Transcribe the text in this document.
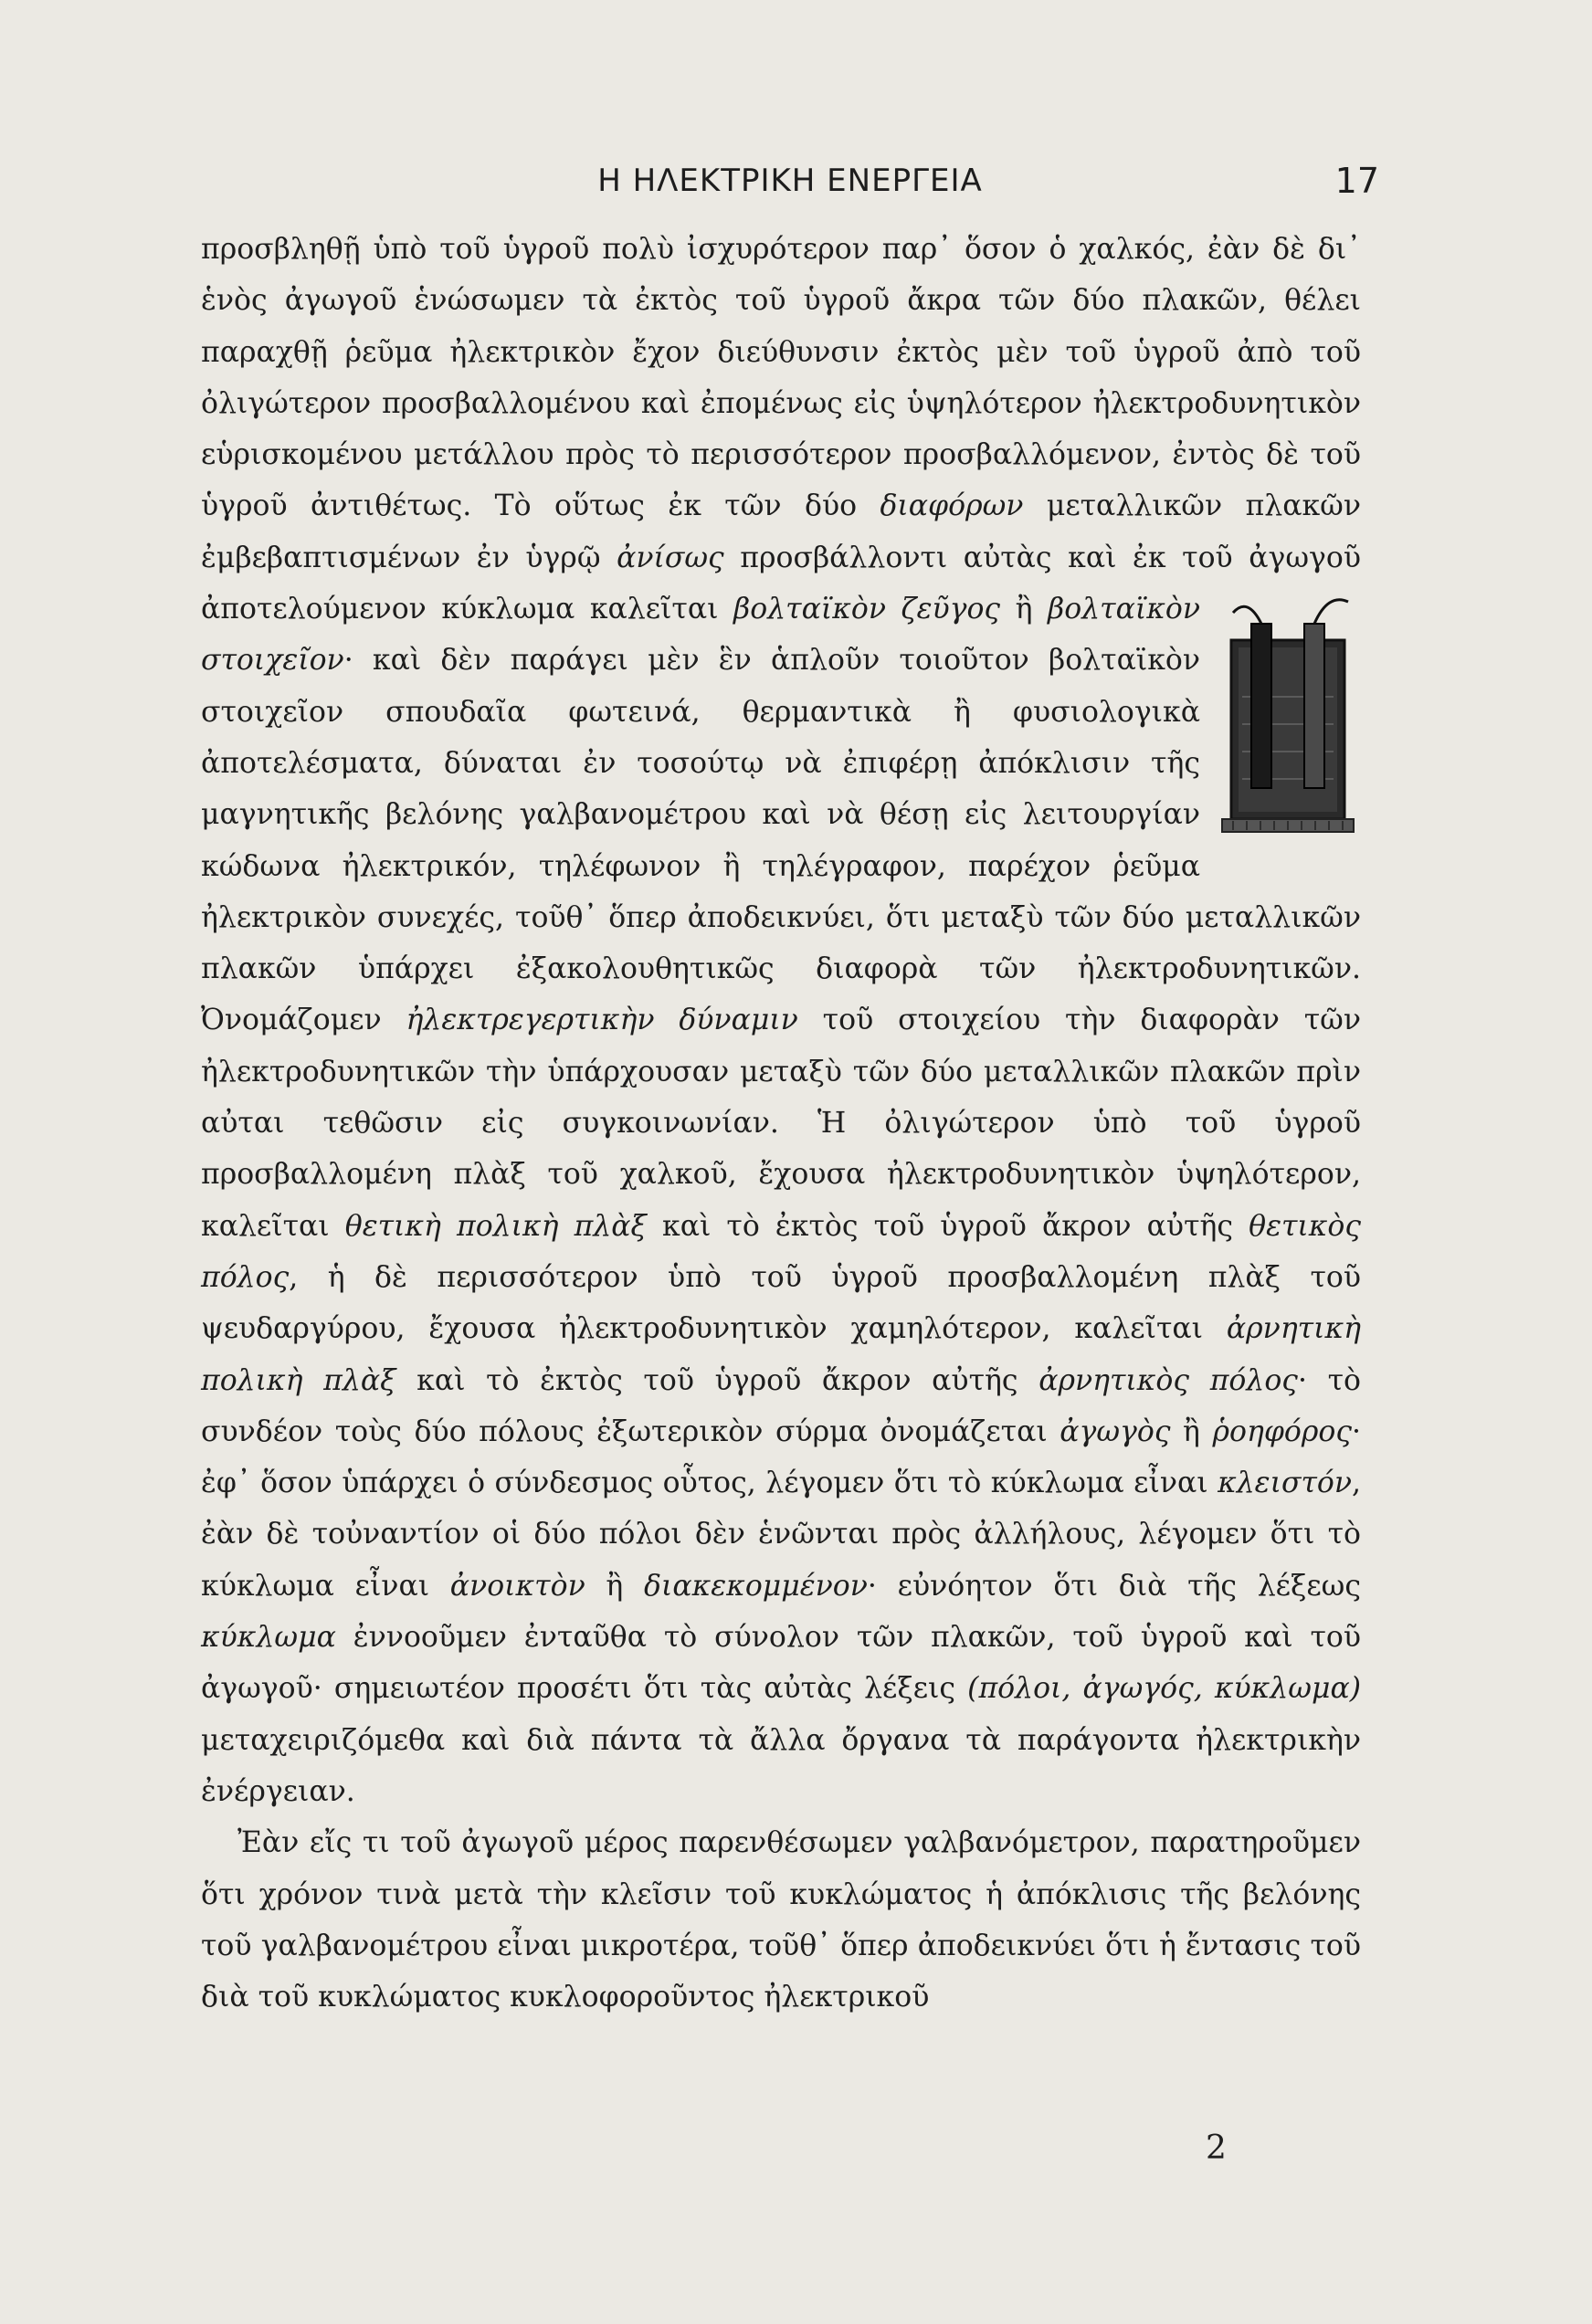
Η ΗΛΕΚΤΡΙΚΗ ΕΝΕΡΓΕΙΑ	17

προσβληθῇ ὑπὸ τοῦ ὑγροῦ πολὺ ἰσχυρότερον παρ᾽ ὅσον ὁ χαλκός, ἐὰν δὲ δι᾽ ἑνὸς ἀγωγοῦ ἑνώσωμεν τὰ ἐκτὸς τοῦ ὑγροῦ ἄκρα τῶν δύο πλακῶν, θέλει παραχθῇ ῥεῦμα ἠλεκτρικὸν ἔχον διεύθυνσιν ἐκτὸς μὲν τοῦ ὑγροῦ ἀπὸ τοῦ ὀλιγώτερον προσβαλλομένου καὶ ἐπομένως εἰς ὑψηλότερον ἠλεκτροδυνητικὸν εὑρισκομένου μετάλλου πρὸς τὸ περισσότερον προσβαλλόμενον, ἐντὸς δὲ τοῦ ὑγροῦ ἀντιθέτως. Τὸ οὕτως ἐκ τῶν δύο διαφόρων μεταλλικῶν πλακῶν ἐμβεβαπτισμένων ἐν ὑγρῷ ἀνίσως προσβάλλοντι αὐτὰς καὶ ἐκ τοῦ ἀγωγοῦ ἀποτελούμενον κύκλωμα καλεῖται
βολταϊκὸν ζεῦγος ἢ βολταϊκὸν στοιχεῖον· καὶ δὲν παράγει μὲν ἓν ἁπλοῦν τοιοῦτον βολταϊκὸν στοιχεῖον σπουδαῖα φωτεινά, θερμαντικὰ ἢ φυσιολογικὰ ἀποτελέσματα, δύναται ἐν τοσούτῳ νὰ ἐπιφέρῃ ἀπόκλισιν τῆς μαγνητικῆς βελόνης γαλβανομέτρου καὶ νὰ θέσῃ εἰς λειτουργίαν κώδωνα ἠλεκτρικόν, τηλέφωνον ἢ τηλέγραφον, παρέχον ῥεῦμα ἠλεκτρικὸν συνεχές, τοῦθ᾽ ὅπερ ἀποδεικνύει, ὅτι μεταξὺ τῶν δύο μεταλλικῶν πλακῶν ὑπάρχει ἐξακολουθητικῶς διαφορὰ τῶν ἠλεκτροδυνητικῶν. Ὀνομάζομεν ἠλεκτρεγερτικὴν δύναμιν τοῦ στοιχείου τὴν διαφορὰν τῶν ἠλεκτροδυνητικῶν τὴν ὑπάρχουσαν μεταξὺ τῶν δύο μεταλλικῶν πλακῶν πρὶν αὐται τεθῶσιν εἰς συγκοινωνίαν. Ἡ ὀλιγώτερον ὑπὸ τοῦ ὑγροῦ προσβαλλομένη πλὰξ τοῦ χαλκοῦ, ἔχουσα ἠλεκτροδυνητικὸν ὑψηλότερον, καλεῖται θετικὴ πολικὴ πλὰξ καὶ τὸ ἐκτὸς τοῦ ὑγροῦ ἄκρον αὐτῆς θετικὸς πόλος, ἡ δὲ περισσότερον ὑπὸ τοῦ ὑγροῦ προσβαλλομένη πλὰξ τοῦ ψευδαργύρου, ἔχουσα ἠλεκτροδυνητικὸν χαμηλότερον, καλεῖται ἀρνητικὴ πολικὴ πλὰξ καὶ τὸ ἐκτὸς τοῦ ὑγροῦ ἄκρον αὐτῆς ἀρνητικὸς πόλος· τὸ συνδέον τοὺς δύο πόλους ἐξωτερικὸν σύρμα ὀνομάζεται ἀγωγὸς ἢ ῥοηφόρος· ἐφ᾽ ὅσον ὑπάρχει ὁ σύνδεσμος οὗτος, λέγομεν ὅτι τὸ κύκλωμα εἶναι κλειστόν, ἐὰν δὲ τοὐναντίον οἱ δύο πόλοι δὲν ἑνῶνται πρὸς ἀλλήλους, λέγομεν ὅτι τὸ κύκλωμα εἶναι ἀνοικτὸν ἢ διακεκομμένον· εὐνόητον ὅτι διὰ τῆς λέξεως κύκλωμα ἐννοοῦμεν ἐνταῦθα τὸ σύνολον τῶν πλακῶν, τοῦ ὑγροῦ καὶ τοῦ ἀγωγοῦ· σημειωτέον προσέτι ὅτι τὰς αὐτὰς λέξεις (πόλοι, ἀγωγός, κύκλωμα) μεταχειριζόμεθα καὶ διὰ πάντα τὰ ἄλλα ὄργανα τὰ παράγοντα ἠλεκτρικὴν ἐνέργειαν.

Ἐὰν εἴς τι τοῦ ἀγωγοῦ μέρος παρενθέσωμεν γαλβανόμετρον, παρατηροῦμεν ὅτι χρόνον τινὰ μετὰ τὴν κλεῖσιν τοῦ κυκλώματος ἡ ἀπόκλισις τῆς βελόνης τοῦ γαλβανομέτρου εἶναι μικροτέρα, τοῦθ᾽ ὅπερ ἀποδεικνύει ὅτι ἡ ἔντασις τοῦ διὰ τοῦ κυκλώματος κυκλοφοροῦντος ἠλεκτρικοῦ

2
